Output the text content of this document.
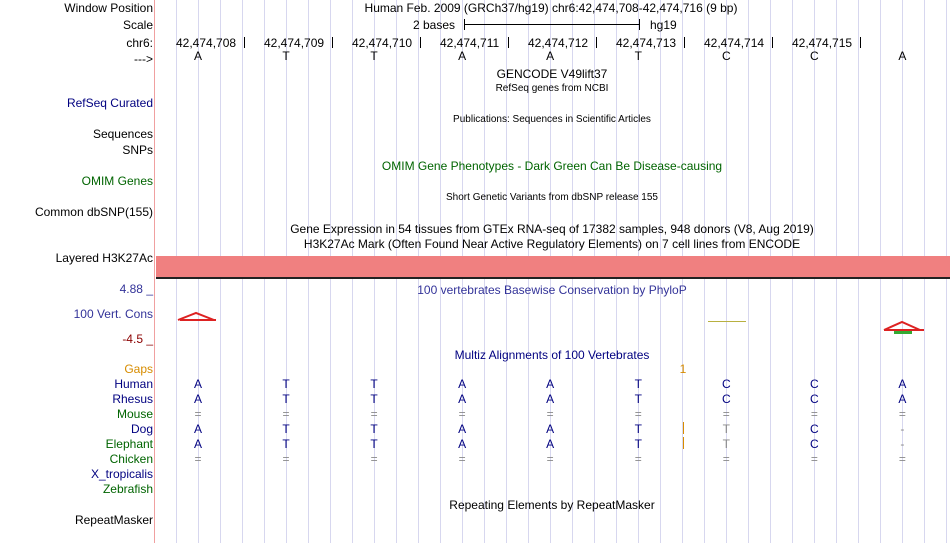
Window Position	Human Feb. 2009 (GRCh37/hg19) chr6:42,474,708-42,474,716 (9 bp)
Scale	2 bases	hg19
chr6: 42,474,708 42,474,709 42,474,710 42,474,711 42,474,712 42,474,713 42,474,714 42,474,715
--->	A	T	T	A	A	T	C	C	A
GENCODE V49lift37
RefSeq genes from NCBI
RefSeq Curated
Publications: Sequences in Scientific Articles
Sequences
SNPs
OMIM Gene Phenotypes - Dark Green Can Be Disease-causing
OMIM Genes
Short Genetic Variants from dbSNP release 155
Common dbSNP(155)
Gene Expression in 54 tissues from GTEx RNA-seq of 17382 samples, 948 donors (V8, Aug 2019)
H3K27Ac Mark (Often Found Near Active Regulatory Elements) on 7 cell lines from ENCODE
Layered H3K27Ac
4.88 _	100 vertebrates Basewise Conservation by PhyloP
100 Vert. Cons
-4.5 _
Multiz Alignments of 100 Vertebrates
Gaps	1
Human	A	T	T	A	A	T	C	C	A
Rhesus	A	T	T	A	A	T	C	C	A
Mouse	=	=	=	=	=	=	=	=	=
Dog	A	T	T	A	A	T	T	C	-
Elephant	A	T	T	A	A	T	T	C	-
Chicken	=	=	=	=	=	=	=	=	=
X_tropicalis
Zebrafish
Repeating Elements by RepeatMasker
RepeatMasker
